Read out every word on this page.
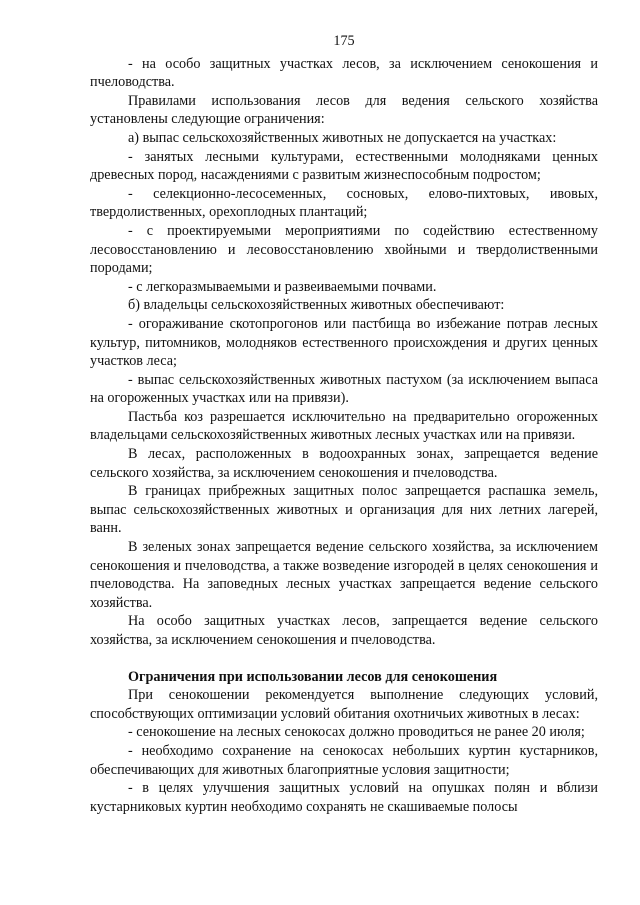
175

- на особо защитных участках лесов, за исключением сенокошения и пчеловодства.

Правилами использования лесов для ведения сельского хозяйства установлены следующие ограничения:

а) выпас сельскохозяйственных животных не допускается на участках:

- занятых лесными культурами, естественными молодняками ценных древесных пород, насаждениями с развитым жизнеспособным подростом;

- селекционно-лесосеменных, сосновых, елово-пихтовых, ивовых, твердолиственных, орехоплодных плантаций;

- с проектируемыми мероприятиями по содействию естественному лесовосстановлению и лесовосстановлению хвойными и твердолиственными породами;

- с легкоразмываемыми и развеиваемыми почвами.

б) владельцы сельскохозяйственных животных обеспечивают:

- огораживание скотопрогонов или пастбища во избежание потрав лесных культур, питомников, молодняков естественного происхождения и других ценных участков леса;

- выпас сельскохозяйственных животных пастухом (за исключением выпаса на огороженных участках или на привязи).

Пастьба коз разрешается исключительно на предварительно огороженных владельцами сельскохозяйственных животных лесных участках или на привязи.

В лесах, расположенных в водоохранных зонах, запрещается ведение сельского хозяйства, за исключением сенокошения и пчеловодства.

В границах прибрежных защитных полос запрещается распашка земель, выпас сельскохозяйственных животных и организация для них летних лагерей, ванн.

В зеленых зонах запрещается ведение сельского хозяйства, за исключением сенокошения и пчеловодства, а также возведение изгородей в целях сенокошения и пчеловодства. На заповедных лесных участках запрещается ведение сельского хозяйства.

На особо защитных участках лесов, запрещается ведение сельского хозяйства, за исключением сенокошения и пчеловодства.

Ограничения при использовании лесов для сенокошения

При сенокошении рекомендуется выполнение следующих условий, способствующих оптимизации условий обитания охотничьих животных в лесах:

- сенокошение на лесных сенокосах должно проводиться не ранее 20 июля;

- необходимо сохранение на сенокосах небольших куртин кустарников, обеспечивающих для животных благоприятные условия защитности;

- в целях улучшения защитных условий на опушках полян и вблизи кустарниковых куртин необходимо сохранять не скашиваемые полосы
